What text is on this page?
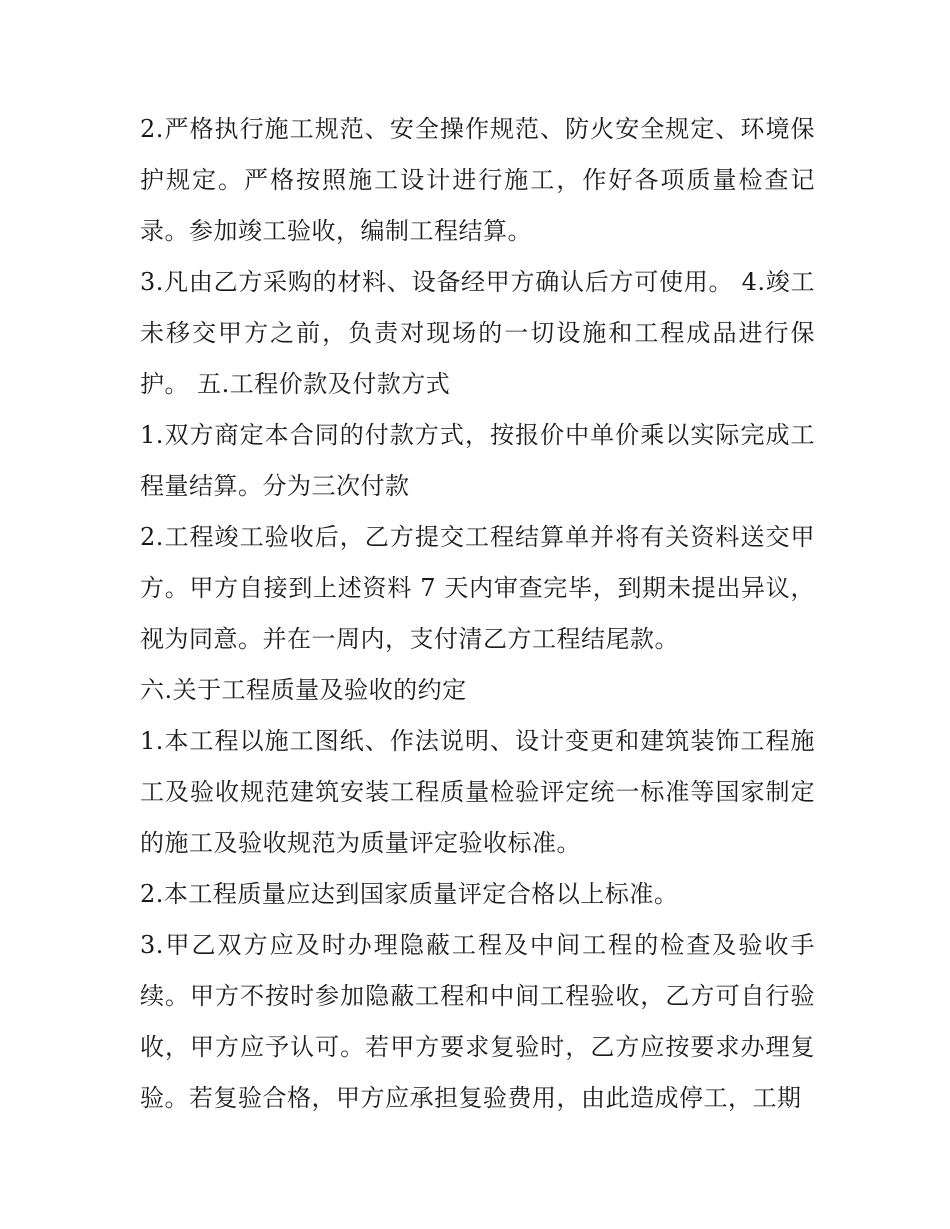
2.严格执行施工规范、安全操作规范、防火安全规定、环境保护规定。严格按照施工设计进行施工，作好各项质量检查记录。参加竣工验收，编制工程结算。

3.凡由乙方采购的材料、设备经甲方确认后方可使用。 4.竣工未移交甲方之前，负责对现场的一切设施和工程成品进行保护。 五.工程价款及付款方式

1.双方商定本合同的付款方式，按报价中单价乘以实际完成工程量结算。分为三次付款

2.工程竣工验收后，乙方提交工程结算单并将有关资料送交甲方。甲方自接到上述资料 7 天内审查完毕，到期未提出异议，视为同意。并在一周内，支付清乙方工程结尾款。

六.关于工程质量及验收的约定

1.本工程以施工图纸、作法说明、设计变更和建筑装饰工程施工及验收规范建筑安装工程质量检验评定统一标准等国家制定的施工及验收规范为质量评定验收标准。

2.本工程质量应达到国家质量评定合格以上标准。

3.甲乙双方应及时办理隐蔽工程及中间工程的检查及验收手续。甲方不按时参加隐蔽工程和中间工程验收，乙方可自行验收，甲方应予认可。若甲方要求复验时，乙方应按要求办理复验。若复验合格，甲方应承担复验费用，由此造成停工，工期
